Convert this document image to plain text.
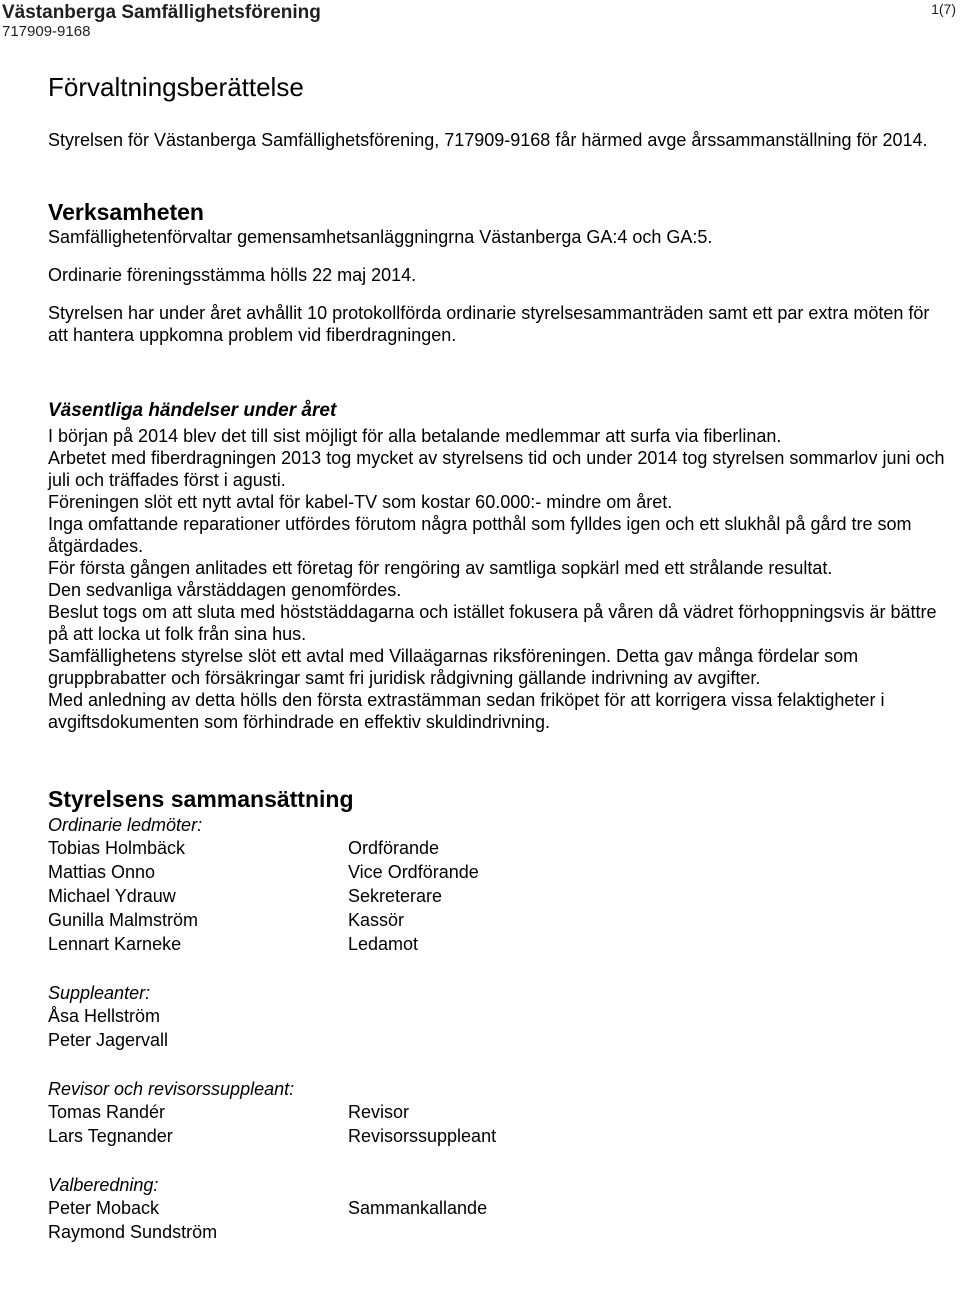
Västanberga Samfällighetsförening
717909-9168
1(7)
Förvaltningsberättelse

Styrelsen för Västanberga Samfällighetsförening, 717909-9168 får härmed avge årssammanställning för 2014.

Verksamheten

Samfällighetenförvaltar gemensamhetsanläggningrna Västanberga GA:4 och GA:5.

Ordinarie föreningsstämma hölls 22 maj 2014.

Styrelsen har under året avhållit 10 protokollförda ordinarie styrelsesammanträden samt ett par extra möten för att hantera uppkomna problem vid fiberdragningen.

Väsentliga händelser under året

I början på 2014 blev det till sist möjligt för alla betalande medlemmar att surfa via fiberlinan.

Arbetet med fiberdragningen 2013 tog mycket av styrelsens tid och under 2014 tog styrelsen sommarlov juni och juli och träffades först i agusti.

Föreningen slöt ett nytt avtal för kabel-TV som kostar 60.000:- mindre om året.

Inga omfattande reparationer utfördes förutom några potthål som fylldes igen och ett slukhål på gård tre som åtgärdades.

För första gången anlitades ett företag för rengöring av samtliga sopkärl med ett strålande resultat.

Den sedvanliga vårstäddagen genomfördes.

Beslut togs om att sluta med höststäddagarna och istället fokusera på våren då vädret förhoppningsvis är bättre på att locka ut folk från sina hus.

Samfällighetens styrelse slöt ett avtal med Villaägarnas riksföreningen. Detta gav många fördelar som gruppbrabatter och försäkringar samt fri juridisk rådgivning gällande indrivning av avgifter.

Med anledning av detta hölls den första extrastämman sedan friköpet för att korrigera vissa felaktigheter i avgiftsdokumenten som förhindrade en effektiv skuldindrivning.

Styrelsens sammansättning

Ordinarie ledmöter:

Tobias Holmbäck	Ordförande
Mattias Onno	Vice Ordförande
Michael Ydrauw	Sekreterare
Gunilla Malmström	Kassör
Lennart Karneke	Ledamot

Suppleanter:

Åsa Hellström
Peter Jagervall

Revisor och revisorssuppleant:

Tomas Randér	Revisor
Lars Tegnander	Revisorssuppleant

Valberedning:

Peter Moback	Sammankallande
Raymond Sundström
